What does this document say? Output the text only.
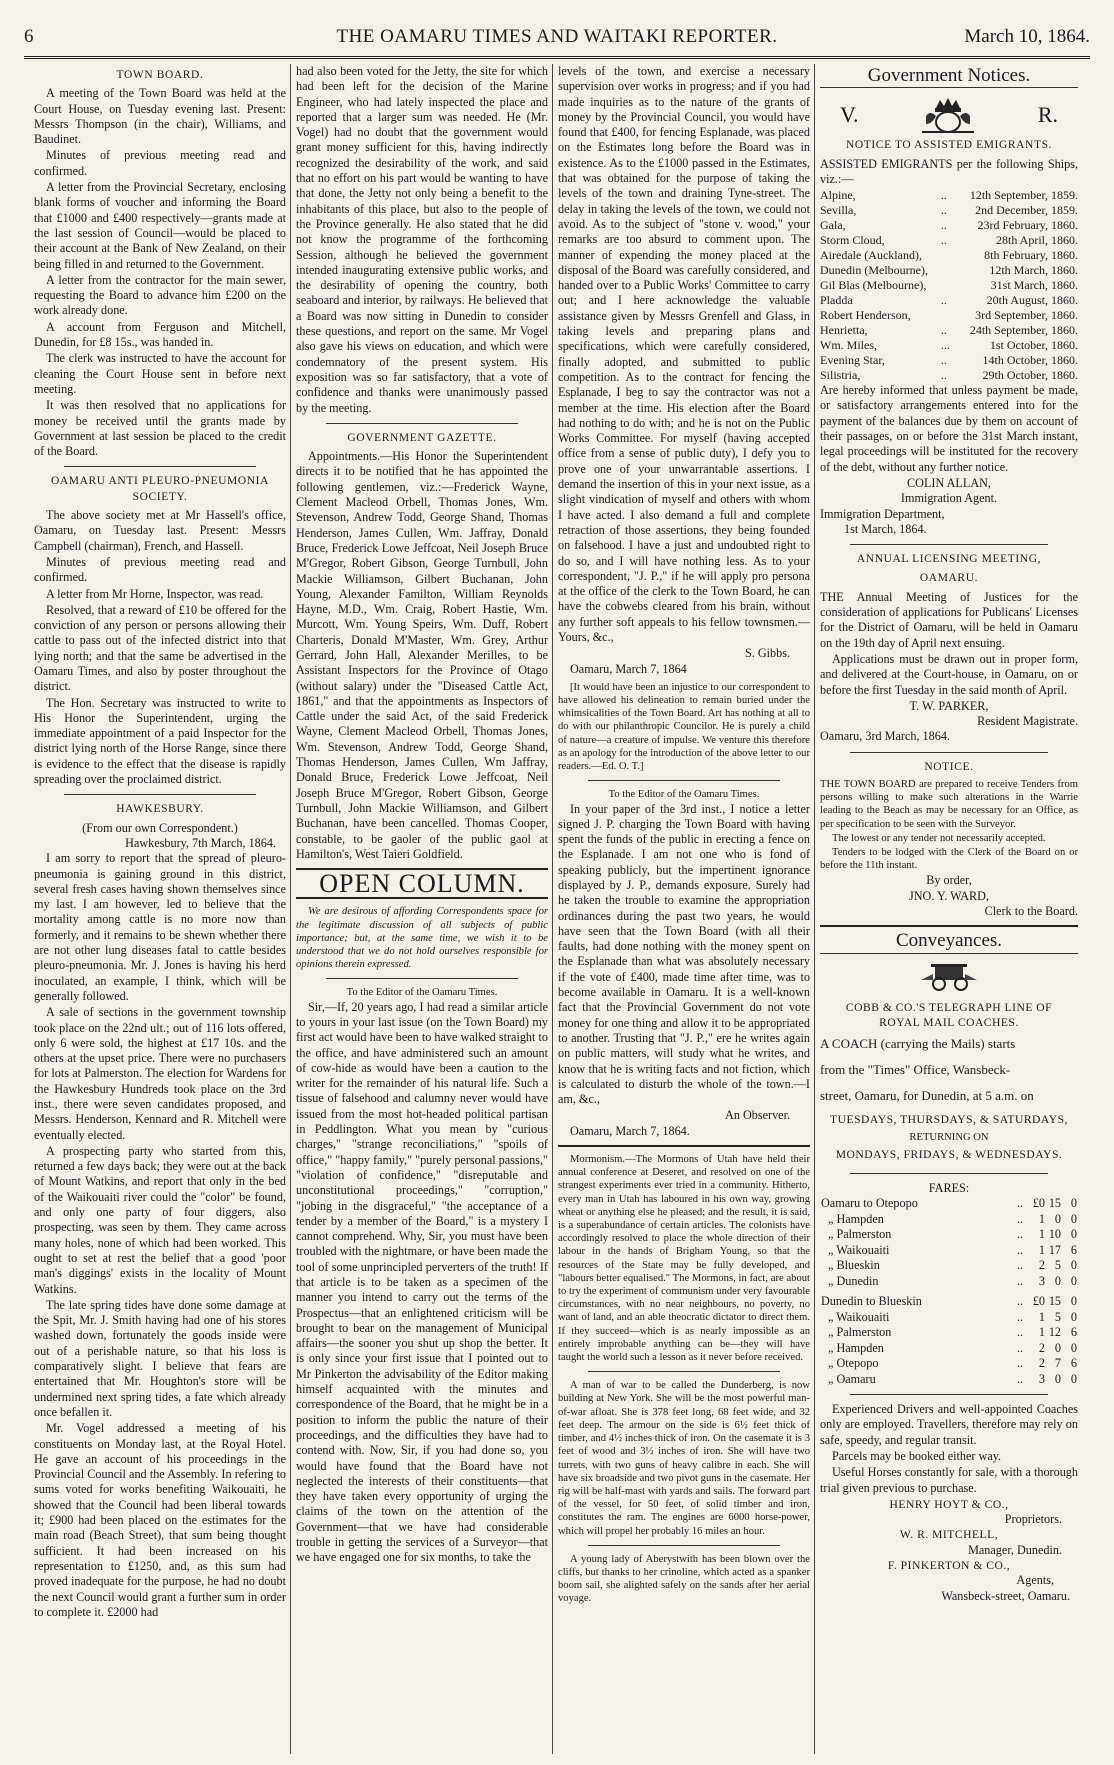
6	THE OAMARU TIMES AND WAITAKI REPORTER.	March 10, 1864.
TOWN BOARD.

A meeting of the Town Board was held at the Court House, on Tuesday evening last. Present: Messrs Thompson (in the chair), Williams, and Baudinet.

Minutes of previous meeting read and confirmed.

A letter from the Provincial Secretary, enclosing blank forms of voucher and informing the Board that £1000 and £400 respectively—grants made at the last session of Council—would be placed to their account at the Bank of New Zealand, on their being filled in and returned to the Government.

A letter from the contractor for the main sewer, requesting the Board to advance him £200 on the work already done.

A account from Ferguson and Mitchell, Dunedin, for £8 15s., was handed in.

The clerk was instructed to have the account for cleaning the Court House sent in before next meeting.

It was then resolved that no applications for money be received until the grants made by Government at last session be placed to the credit of the Board.

OAMARU ANTI PLEURO-PNEUMONIA SOCIETY.

The above society met at Mr Hassell's office, Oamaru, on Tuesday last. Present: Messrs Campbell (chairman), French, and Hassell.

Minutes of previous meeting read and confirmed.

A letter from Mr Horne, Inspector, was read.

Resolved, that a reward of £10 be offered for the conviction of any person or persons allowing their cattle to pass out of the infected district into that lying north; and that the same be advertised in the Oamaru Times, and also by poster throughout the district.

The Hon. Secretary was instructed to write to His Honor the Superintendent, urging the immediate appointment of a paid Inspector for the district lying north of the Horse Range, since there is evidence to the effect that the disease is rapidly spreading over the proclaimed district.

HAWKESBURY.
(From our own Correspondent.)
Hawkesbury, 7th March, 1864.

I am sorry to report that the spread of pleuro-pneumonia is gaining ground in this district, several fresh cases having shown themselves since my last. I am however, led to believe that the mortality among cattle is no more now than formerly, and it remains to be shewn whether there are not other lung diseases fatal to cattle besides pleuro-pneumonia. Mr. J. Jones is having his herd inoculated, an example, I think, which will be generally followed.

A sale of sections in the government township took place on the 22nd ult.; out of 116 lots offered, only 6 were sold, the highest at £17 10s. and the others at the upset price. There were no purchasers for lots at Palmerston. The election for Wardens for the Hawkesbury Hundreds took place on the 3rd inst., there were seven candidates proposed, and Messrs. Henderson, Kennard and R. Mitchell were eventually elected.

A prospecting party who started from this, returned a few days back; they were out at the back of Mount Watkins, and report that only in the bed of the Waikouaiti river could the "color" be found, and only one party of four diggers, also prospecting, was seen by them. They came across many holes, none of which had been worked. This ought to set at rest the belief that a good 'poor man's diggings' exists in the locality of Mount Watkins.

The late spring tides have done some damage at the Spit, Mr. J. Smith having had one of his stores washed down, fortunately the goods inside were out of a perishable nature, so that his loss is comparatively slight. I believe that fears are entertained that Mr. Houghton's store will be undermined next spring tides, a fate which already once befallen it.

Mr. Vogel addressed a meeting of his constituents on Monday last, at the Royal Hotel. He gave an account of his proceedings in the Provincial Council and the Assembly. In refering to sums voted for works benefiting Waikouaiti, he showed that the Council had been liberal towards it; £900 had been placed on the estimates for the main road (Beach Street), that sum being thought sufficient. It had been increased on his representation to £1250, and, as this sum had proved inadequate for the purpose, he had no doubt the next Council would grant a further sum in order to complete it. £2000 had

had also been voted for the Jetty, the site for which had been left for the decision of the Marine Engineer, who had lately inspected the place and reported that a larger sum was needed. He (Mr. Vogel) had no doubt that the government would grant money sufficient for this, having indirectly recognized the desirability of the work, and said that no effort on his part would be wanting to have that done, the Jetty not only being a benefit to the inhabitants of this place, but also to the people of the Province generally. He also stated that he did not know the programme of the forthcoming Session, although he believed the government intended inaugurating extensive public works, and the desirability of opening the country, both seaboard and interior, by railways. He believed that a Board was now sitting in Dunedin to consider these questions, and report on the same. Mr Vogel also gave his views on education, and which were condemnatory of the present system. His exposition was so far satisfactory, that a vote of confidence and thanks were unanimously passed by the meeting.

GOVERNMENT GAZETTE.

Appointments.—His Honor the Superintendent directs it to be notified that he has appointed the following gentlemen, viz.:—Frederick Wayne, Clement Macleod Orbell, Thomas Jones, Wm. Stevenson, Andrew Todd, George Shand, Thomas Henderson, James Cullen, Wm. Jaffray, Donald Bruce, Frederick Lowe Jeffcoat, Neil Joseph Bruce M'Gregor, Robert Gibson, George Turnbull, John Mackie Williamson, Gilbert Buchanan, John Young, Alexander Familton, William Reynolds Hayne, M.D., Wm. Craig, Robert Hastie, Wm. Murcott, Wm. Young Speirs, Wm. Duff, Robert Charteris, Donald M'Master, Wm. Grey, Arthur Gerrard, John Hall, Alexander Merilles, to be Assistant Inspectors for the Province of Otago (without salary) under the "Diseased Cattle Act, 1861," and that the appointments as Inspectors of Cattle under the said Act, of the said Frederick Wayne, Clement Macleod Orbell, Thomas Jones, Wm. Stevenson, Andrew Todd, George Shand, Thomas Henderson, James Cullen, Wm Jaffray, Donald Bruce, Frederick Lowe Jeffcoat, Neil Joseph Bruce M'Gregor, Robert Gibson, George Turnbull, John Mackie Williamson, and Gilbert Buchanan, have been cancelled. Thomas Cooper, constable, to be gaoler of the public gaol at Hamilton's, West Taieri Goldfield.

OPEN COLUMN.

We are desirous of affording Correspondents space for the legitimate discussion of all subjects of public importance; but, at the same time, we wish it to be understood that we do not hold ourselves responsible for opinions therein expressed.

To the Editor of the Oamaru Times.

Sir,—If, 20 years ago, I had read a similar article to yours in your last issue (on the Town Board) my first act would have been to have walked straight to the office, and have administered such an amount of cow-hide as would have been a caution to the writer for the remainder of his natural life. Such a tissue of falsehood and calumny never would have issued from the most hot-headed political partisan in Peddlington. What you mean by "curious charges," "strange reconciliations," "spoils of office," "happy family," "purely personal passions," "violation of confidence," "disreputable and unconstitutional proceedings," "corruption," "jobing in the disgraceful," "the acceptance of a tender by a member of the Board," is a mystery I cannot comprehend. Why, Sir, you must have been troubled with the nightmare, or have been made the tool of some unprincipled perverters of the truth! If that article is to be taken as a specimen of the manner you intend to carry out the terms of the Prospectus—that an enlightened criticism will be brought to bear on the management of Municipal affairs—the sooner you shut up shop the better. It is only since your first issue that I pointed out to Mr Pinkerton the advisability of the Editor making himself acquainted with the minutes and correspondence of the Board, that he might be in a position to inform the public the nature of their proceedings, and the difficulties they have had to contend with. Now, Sir, if you had done so, you would have found that the Board have not neglected the interests of their constituents—that they have taken every opportunity of urging the claims of the town on the attention of the Government—that we have had considerable trouble in getting the services of a Surveyor—that we have engaged one for six months, to take the

levels of the town, and exercise a necessary supervision over works in progress; and if you had made inquiries as to the nature of the grants of money by the Provincial Council, you would have found that £400, for fencing Esplanade, was placed on the Estimates long before the Board was in existence. As to the £1000 passed in the Estimates, that was obtained for the purpose of taking the levels of the town and draining Tyne-street. The delay in taking the levels of the town, we could not avoid. As to the subject of "stone v. wood," your remarks are too absurd to comment upon. The manner of expending the money placed at the disposal of the Board was carefully considered, and handed over to a Public Works' Committee to carry out; and I here acknowledge the valuable assistance given by Messrs Grenfell and Glass, in taking levels and preparing plans and specifications, which were carefully considered, finally adopted, and submitted to public competition. As to the contract for fencing the Esplanade, I beg to say the contractor was not a member at the time. His election after the Board had nothing to do with; and he is not on the Public Works Committee. For myself (having accepted office from a sense of public duty), I defy you to prove one of your unwarrantable assertions. I demand the insertion of this in your next issue, as a slight vindication of myself and others with whom I have acted. I also demand a full and complete retraction of those assertions, they being founded on falsehood. I have a just and undoubted right to do so, and I will have nothing less. As to your correspondent, "J. P.," if he will apply pro persona at the office of the clerk to the Town Board, he can have the cobwebs cleared from his brain, without any further soft appeals to his fellow townsmen.—Yours, &c.,

S. Gibbs.

Oamaru, March 7, 1864

[It would have been an injustice to our correspondent to have allowed his delineation to remain buried under the whimsicalities of the Town Board. Art has nothing at all to do with our philanthropic Councilor. He is purely a child of nature—a creature of impulse. We venture this therefore as an apology for the introduction of the above letter to our readers.—Ed. O. T.]

To the Editor of the Oamaru Times.

In your paper of the 3rd inst., I notice a letter signed J. P. charging the Town Board with having spent the funds of the public in erecting a fence on the Esplanade. I am not one who is fond of speaking publicly, but the impertinent ignorance displayed by J. P., demands exposure. Surely had he taken the trouble to examine the appropriation ordinances during the past two years, he would have seen that the Town Board (with all their faults, had done nothing with the money spent on the Esplanade than what was absolutely necessary if the vote of £400, made time after time, was to become available in Oamaru. It is a well-known fact that the Provincial Government do not vote money for one thing and allow it to be appropriated to another. Trusting that "J. P.," ere he writes again on public matters, will study what he writes, and know that he is writing facts and not fiction, which is calculated to disturb the whole of the town.—I am, &c.,

An Observer.

Oamaru, March 7, 1864.

Mormonism.—The Mormons of Utah have held their annual conference at Deseret, and resolved on one of the strangest experiments ever tried in a community. Hitherto, every man in Utah has laboured in his own way, growing wheat or anything else he pleased; and the result, it is said, is a superabundance of certain articles. The colonists have accordingly resolved to place the whole direction of their labour in the hands of Brigham Young, so that the resources of the State may be fully developed, and "labours better equalised." The Mormons, in fact, are about to try the experiment of communism under very favourable circumstances, with no near neighbours, no poverty, no want of land, and an able theocratic dictator to direct them. If they succeed—which is as nearly impossible as an entirely improbable anything can be—they will have taught the world such a lesson as it never before received.

A man of war to be called the Dunderberg, is now building at New York. She will be the most powerful man-of-war afloat. She is 378 feet long, 68 feet wide, and 32 feet deep. The armour on the side is 6½ feet thick of timber, and 4½ inches thick of iron. On the casemate it is 3 feet of wood and 3½ inches of iron. She will have two turrets, with two guns of heavy calibre in each. She will have six broadside and two pivot guns in the casemate. Her rig will be half-mast with yards and sails. The forward part of the vessel, for 50 feet, of solid timber and iron, constitutes the ram. The engines are 6000 horse-power, which will propel her probably 16 miles an hour.

A young lady of Aberystwith has been blown over the cliffs, but thanks to her crinoline, which acted as a spanker boom sail, she alighted safely on the sands after her aerial voyage.

Government Notices.
V.	R.
NOTICE TO ASSISTED EMIGRANTS.

ASSISTED EMIGRANTS per the following Ships, viz.:—

Alpine,	..	12th September, 1859.
Sevilla,	..	2nd December, 1859.
Gala,	..	23rd February, 1860.
Storm Cloud,	..	28th April, 1860.
Airedale (Auckland),		8th February, 1860.
Dunedin (Melbourne),		12th March, 1860.
Gil Blas (Melbourne),		31st March, 1860.
Pladda	..	20th August, 1860.
Robert Henderson,		3rd September, 1860.
Henrietta,	..	24th September, 1860.
Wm. Miles,	...	1st October, 1860.
Evening Star,	..	14th October, 1860.
Silistria,	..	29th October, 1860.

Are hereby informed that unless payment be made, or satisfactory arrangements entered into for the payment of the balances due by them on account of their passages, on or before the 31st March instant, legal proceedings will be instituted for the recovery of the debt, without any further notice.

COLIN ALLAN,
Immigration Agent.
Immigration Department,
1st March, 1864.
ANNUAL LICENSING MEETING,
OAMARU.

THE Annual Meeting of Justices for the consideration of applications for Publicans' Licenses for the District of Oamaru, will be held in Oamaru on the 19th day of April next ensuing.

Applications must be drawn out in proper form, and delivered at the Court-house, in Oamaru, on or before the first Tuesday in the said month of April.

T. W. PARKER,
Resident Magistrate.
Oamaru, 3rd March, 1864.
NOTICE.

THE TOWN BOARD are prepared to receive Tenders from persons willing to make such alterations in the Warrie leading to the Beach as may be necessary for an Office, as per specification to be seen with the Surveyor.

The lowest or any tender not necessarily accepted.

Tenders to be lodged with the Clerk of the Board on or before the 11th instant.

By order,
JNO. Y. WARD,
Clerk to the Board.
Conveyances.
COBB & CO.'S TELEGRAPH LINE OF
ROYAL MAIL COACHES.
A COACH (carrying the Mails) starts
from the "Times" Office, Wansbeck-
street, Oamaru, for Dunedin, at 5 a.m. on
TUESDAYS, THURSDAYS, & SATURDAYS,
RETURNING ON
MONDAYS, FRIDAYS, & WEDNESDAYS.
FARES:
Oamaru to Otepopo	..	£0	15	0
„ Hampden	..	1	0	0
„ Palmerston	..	1	10	0
„ Waikouaiti	..	1	17	6
„ Blueskin	..	2	5	0
„ Dunedin	..	3	0	0
Dunedin to Blueskin	..	£0	15	0
„ Waikouaiti	..	1	5	0
„ Palmerston	..	1	12	6
„ Hampden	..	2	0	0
„ Otepopo	..	2	7	6
„ Oamaru	..	3	0	0

Experienced Drivers and well-appointed Coaches only are employed. Travellers, therefore may rely on safe, speedy, and regular transit.

Parcels may be booked either way.

Useful Horses constantly for sale, with a thorough trial given previous to purchase.

HENRY HOYT & CO.,
Proprietors.
W. R. MITCHELL,
Manager, Dunedin.
F. PINKERTON & CO.,
Agents,
Wansbeck-street, Oamaru.
